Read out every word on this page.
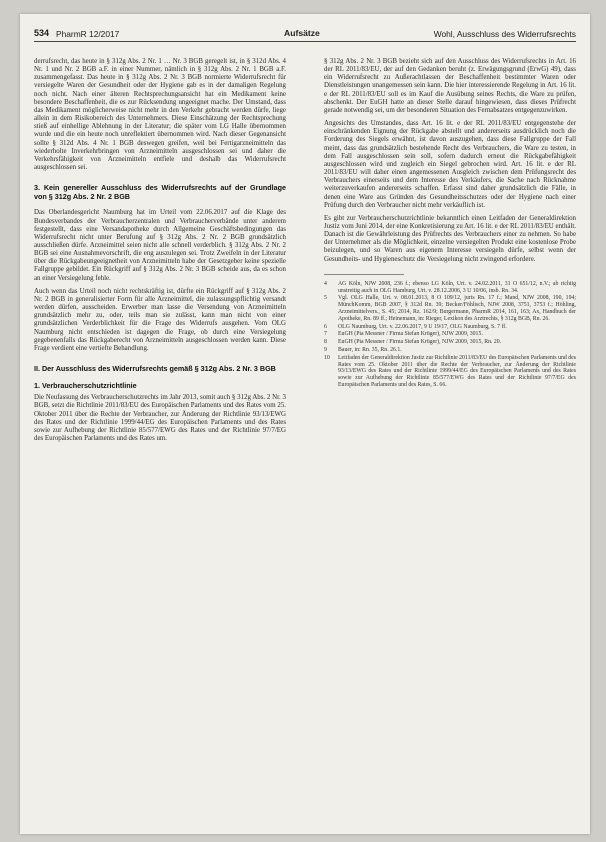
534 PharmR 12/2017	Aufsätze	Wohl, Ausschluss des Widerrufsrechts

derrufsrecht, das heute in § 312g Abs. 2 Nr. 1 … Nr. 3 BGB geregelt ist, in § 312d Abs. 4 Nr. 1 und Nr. 2 BGB a.F. in einer Nummer, nämlich in § 312g Abs. 2 Nr. 1 BGB a.F. zusammengefasst. Das heute in § 312g Abs. 2 Nr. 3 BGB normierte Widerrufsrecht für versiegelte Waren der Gesundheit oder der Hygiene gab es in der damaligen Regelung noch nicht. Nach einer älteren Rechtsprechungsansicht hat ein Medikament keine besondere Beschaffenheit, die es zur Rücksendung ungeeignet mache. Der Umstand, dass das Medikament möglicherweise nicht mehr in den Verkehr gebracht werden dürfe, liege allein in dem Risikobereich des Unternehmers. Diese Einschätzung der Rechtsprechung stieß auf einhellige Ablehnung in der Literatur; die später vom LG Halle übernommen wurde und die ein heute noch unreflektiert übernommen wird. Nach dieser Gegenansicht sollte § 312d Abs. 4 Nr. 1 BGB deswegen greifen, weil bei Fertigarzneimitteln das wiederholte Inverkehrbringen von Arzneimitteln ausgeschlossen sei und daher die Verkehrsfähigkeit von Arzneimitteln entfiele und deshalb das Widerrufsrecht ausgeschlossen sei.

3. Kein genereller Ausschluss des Widerrufsrechts auf der Grundlage von § 312g Abs. 2 Nr. 2 BGB

Das Oberlandesgericht Naumburg hat im Urteil vom 22.06.2017 auf die Klage des Bundesverbandes der Verbraucherzentralen und Verbraucherverbände unter anderem festgestellt, dass eine Versandapotheke durch Allgemeine Geschäftsbedingungen das Widerrufsrecht nicht unter Berufung auf § 312g Abs. 2 Nr. 2 BGB grundsätzlich ausschließen dürfe. Arzneimittel seien nicht alle schnell verderblich. § 312g Abs. 2 Nr. 2 BGB sei eine Ausnahmevorschrift, die eng auszulegen sei. Trotz Zweifeln in der Literatur über die Rückgabeungeeignetheit von Arzneimitteln habe der Gesetzgeber keine spezielle Fallgruppe gebildet. Ein Rückgriff auf § 312g Abs. 2 Nr. 3 BGB scheide aus, da es schon an einer Versiegelung fehle.

Auch wenn das Urteil noch nicht rechtskräftig ist, dürfte ein Rückgriff auf § 312g Abs. 2 Nr. 2 BGB in generalisierter Form für alle Arzneimittel, die zulassungspflichtig versandt werden dürfen, ausscheiden. Erwerber man lasse die Versendung von Arzneimitteln grundsätzlich mehr zu, oder, teils man sie zulässt, kann man nicht von einer grundsätzlichen Verderblichkeit für die Frage des Widerrufs ausgehen. Vom OLG Naumburg nicht entschieden ist dagegen die Frage, ob durch eine Versiegelung gegebenenfalls das Rückgaberecht von Arzneimitteln ausgeschlossen werden kann. Diese Frage verdient eine vertiefte Behandlung.

II. Der Ausschluss des Widerrufsrechts gemäß § 312g Abs. 2 Nr. 3 BGB
1. Verbraucherschutzrichtlinie

Die Neufassung des Verbraucherschutzrechts im Jahr 2013, somit auch § 312g Abs. 2 Nr. 3 BGB, setzt die Richtlinie 2011/83/EU des Europäischen Parlaments und des Rates vom 25. Oktober 2011 über die Rechte der Verbraucher, zur Änderung der Richtlinie 93/13/EWG des Rates und der Richtlinie 1999/44/EG des Europäischen Parlaments und des Rates sowie zur Aufhebung der Richtlinie 85/577/EWG des Rates und der Richtlinie 97/7/EG des Europäischen Parlaments und des Rates um.

§ 312g Abs. 2 Nr. 3 BGB bezieht sich auf den Ausschluss des Widerrufsrechts in Art. 16 der RL 2011/83/EU, der auf den Gedanken beruht (z. Erwägungsgrund (ErwG) 49), dass ein Widerrufsrecht zu Außerachtlassen der Beschaffenheit bestimmter Waren oder Dienstleistungen unangemessen sein kann. Die hier interessierende Regelung in Art. 16 lit. e der RL 2011/83/EU soll es im Kauf die Ausübung seines Rechts, die Ware zu prüfen, abschenkt. Der EuGH hatte an dieser Stelle darauf hingewiesen, dass dieses Prüfrecht gerade notwendig sei, um der besonderen Situation des Fernabsatzes entgegenzuwirken.

Angesichts des Umstandes, dass Art. 16 lit. e der RL 2011/83/EU entgegenstehe der einschränkenden Eignung der Rückgabe abstellt und andererseits ausdrücklich noch die Forderung des Siegels erwähnt, ist davon auszugehen, dass diese Fallgruppe der Fall meint, dass das grundsätzlich bestehende Recht des Verbrauchers, die Ware zu testen, in dem Fall ausgeschlossen sein soll, sofern dadurch erneut die Rückgabefähigkeit ausgeschlossen wird und zugleich ein Siegel gebrochen wird. Art. 16 lit. e der RL 2011/83/EU will daher einen angemessenen Ausgleich zwischen dem Prüfungsrecht des Verbrauchers einerseits und dem Interesse des Verkäufers, die Sache nach Rücknahme weiterzuverkaufen andererseits schaffen. Erfasst sind daher grundsätzlich die Fälle, in denen eine Ware aus Gründen des Gesundheitsschutzes oder der Hygiene nach einer Prüfung durch den Verbraucher nicht mehr verkäuflich ist.

Es gibt zur Verbraucherschutzrichtlinie bekanntlich einen Leitfaden der Generaldirektion Justiz vom Juni 2014, der eine Konkretisierung zu Art. 16 lit. e der RL 2011/83/EU enthält. Danach ist die Gewährleistung des Prüfrechts des Verbrauchers einer zu nehmen. So habe der Unternehmer als die Möglichkeit, einzelne versiegelten Produkt eine kostenlose Probe beizulegen, und so Waren aus eigenem Interesse versiegeln dürfe, selbst wenn der Gesundheits- und Hygieneschutz die Versiegelung nicht zwingend erfordere.

4	AG Köln, NJW 2008, 236 f.; ebenso LG Köln, Urt. v. 24.02.2011, 31 O 651/12, n.V.; ab richtig unstreitig auch in OLG Hamburg, Urt. v. 28.12.2006, 3 U 10/06, insb. Rn. 34.
5	Vgl. OLG Halle, Urt. v. 08.01.2013, 8 O 109/12, juris Rn. 17 f.; Mand, NJW 2008, 190, 194; MünchKomm, BGB 2007, § 312d Rn. 39; Becker/Föhlisch, NJW 2008, 3751, 3753 f.; Höhling, Arzneimittelvers., S. 45; 2014, Rz. 162/9; Burgermann, PharmR 2014, 161, 163; Ax, Handbuch der Apotheke, Rn. 89 ff.; Heinemann, in: Rieger, Lexikon des Arztrechts, § 312g BGB, Rn. 26.
6	OLG Naumburg, Urt. v. 22.06.2017, 9 U 19/17, OLG Naumburg, S. 7 ff.
7	EuGH (Pia Messner / Firma Stefan Krüger), NJW 2009, 3015.
8	EuGH (Pia Messner / Firma Stefan Krüger), NJW 2009, 3015, Rn. 20.
9	Bauer, in: Rn. 35, Rn. 26.1.
10	Leitfaden der Generaldirektion Justiz zur Richtlinie 2011/83/EU des Europäischen Parlaments und des Rates vom 25. Oktober 2011 über die Rechte der Verbraucher, zur Änderung der Richtlinie 93/13/EWG des Rates und der Richtlinie 1999/44/EG des Europäischen Parlaments und des Rates sowie zur Aufhebung der Richtlinie 85/577/EWG des Rates und der Richtlinie 97/7/EG des Europäischen Parlaments und des Rates, S. 66.
